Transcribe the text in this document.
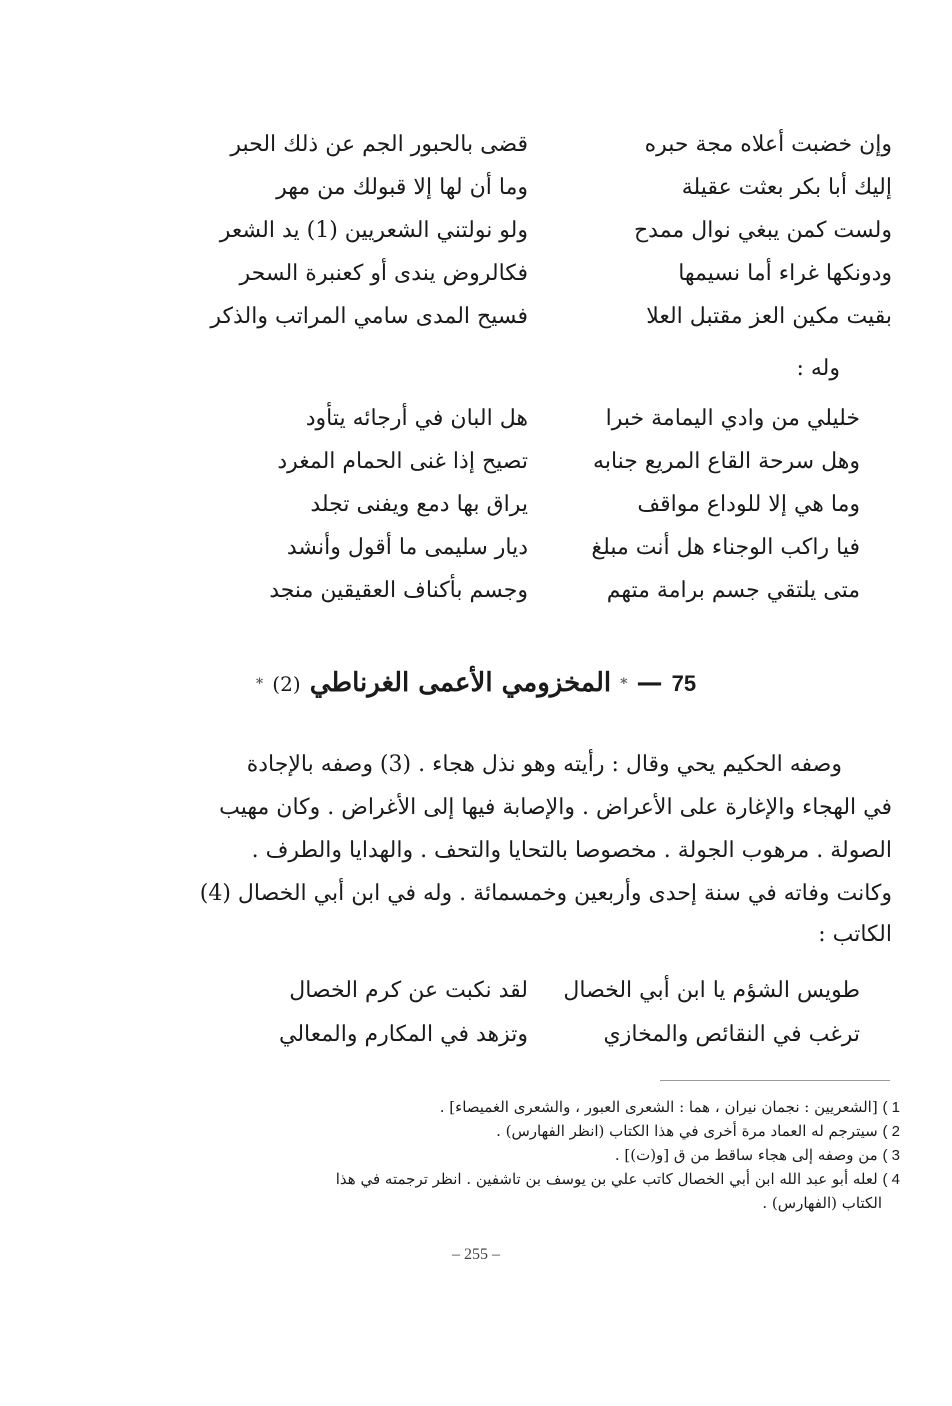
وإن خضبت أعلاه مجة حبره
قضى بالحبور الجم عن ذلك الحبر
إليك أبا بكر بعثت عقيلة
وما أن لها إلا قبولك من مهر
ولست كمن يبغي نوال ممدح
ولو نولتني الشعريين (1) يد الشعر
ودونكها غراء أما نسيمها
فكالروض يندى أو كعنبرة السحر
بقيت مكين العز مقتبل العلا
فسيح المدى سامي المراتب والذكر
وله :
خليلي من وادي اليمامة خبرا
هل البان في أرجائه يتأود
وهل سرحة القاع المريع جنابه
تصيح إذا غنى الحمام المغرد
وما هي إلا للوداع مواقف
يراق بها دمع ويفنى تجلد
فيا راكب الوجناء هل أنت مبلغ
ديار سليمى ما أقول وأنشد
متى يلتقي جسم برامة متهم
وجسم بأكناف العقيقين منجد
75 — * المخزومي الأعمى الغرناطي (2) *
وصفه الحكيم يحي وقال : رأيته وهو نذل هجاء . (3) وصفه بالإجادة
في الهجاء والإغارة على الأعراض . والإصابة فيها إلى الأغراض . وكان مهيب
الصولة . مرهوب الجولة . مخصوصا بالتحايا والتحف . والهدايا والطرف .
وكانت وفاته في سنة إحدى وأربعين وخمسمائة . وله في ابن أبي الخصال (4)
الكاتب :
طويس الشؤم يا ابن أبي الخصال
لقد نكبت عن كرم الخصال
ترغب في النقائص والمخازي
وتزهد في المكارم والمعالي
1 ) [الشعريين : نجمان نيران ، هما : الشعرى العبور ، والشعرى الغميصاء] .
2 ) سيترجم له العماد مرة أخرى في هذا الكتاب (انظر الفهارس) .
3 ) من وصفه إلى هجاء ساقط من ق [و(ت)] .
4 ) لعله أبو عبد الله ابن أبي الخصال كاتب علي بن يوسف بن تاشفين . انظر ترجمته في هذا
الكتاب (الفهارس) .
– 255 –
